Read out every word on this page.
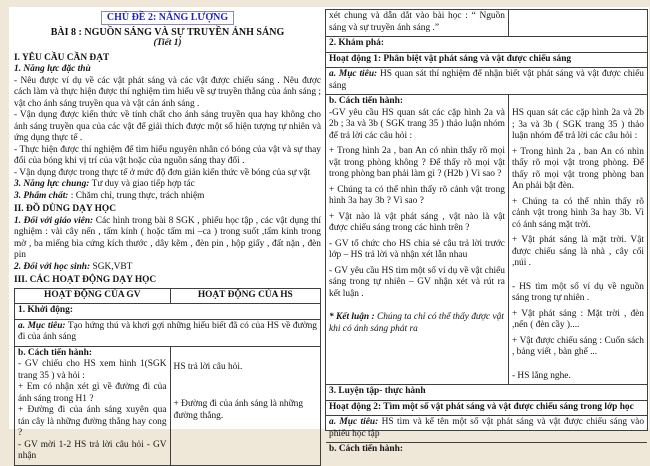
CHỦ ĐỀ 2: NĂNG LƯỢNG
BÀI 8 : NGUỒN SÁNG VÀ SỰ TRUYỀN ÁNH SÁNG
(Tiết 1)

I. YÊU CẦU CẦN ĐẠT

1. Năng lực đặc thù

- Nêu được ví dụ về các vật phát sáng và các vật được chiếu sáng . Nêu được cách làm và thực hiện được thí nghiệm tìm hiểu về sự truyền thẳng của ánh sáng ; vật cho ánh sáng truyền qua và vật cản ánh sáng .

- Vận dụng được kiến thức về tính chất cho ánh sáng truyền qua hay không cho ánh sáng truyền qua của các vật để giải thích được một số hiện tượng tự nhiên và ứng dụng thực tế .

- Thực hiện được thí nghiệm để tìm hiểu nguyên nhân có bóng của vật và sự thay đổi của bóng khi vị trí của vật hoặc của nguồn sáng thay đổi .

- Vận dụng được trong thực tế ở mức độ đơn giản kiến thức về bóng của sự vật

3. Năng lực chung: Tư duy và giao tiếp hợp tác

3. Phẩm chất: : Chăm chỉ, trung thực, trách nhiệm

II. ĐỒ DÙNG DẠY HỌC

1. Đối với giáo viên: Các hình trong bài 8 SGK , phiếu học tập , các vật dụng thí nghiệm : vài cây nến , tấm kính ( hoặc tấm mi –ca ) trong suốt ,tấm kính trong mờ , ba miếng bìa cứng kích thước , dây kẽm , đèn pin , hộp giấy , đất nặn , đèn pin

2. Đối với học sinh: SGK,VBT

III. CÁC HOẠT ĐỘNG DẠY HỌC

HOẠT ĐỘNG CỦA GV	HOẠT ĐỘNG CỦA HS
1. Khởi động:
a. Mục tiêu: Tạo hứng thú và khơi gợi những hiểu biết đã có của HS về đường đi của ánh sáng

b. Cách tiến hành:

- GV chiếu cho HS xem hình 1(SGK trang 35 ) và hỏi :

+ Em có nhận xét gì về đường đi của ánh sáng trong H1 ?

+ Đường đi của ánh sáng xuyên qua tán cây là những đường thẳng hay cong ?

- GV mời 1-2 HS trả lời câu hỏi - GV nhận

HS trả lời câu hỏi.

+ Đường đi của ánh sáng là những đường thẳng.

xét chung và dẫn dắt vào bài học : “ Nguồn sáng và sự truyền ánh sáng .”

2. Khám phá:
Hoạt động 1: Phân biệt vật phát sáng và vật được chiếu sáng
a. Mục tiêu: HS quan sát thí nghiệm để nhận biết vật phát sáng và vật được chiếu sáng

b. Cách tiến hành:

-GV yêu cầu HS quan sát các cặp hình 2a và 2b ; 3a và 3b ( SGK trang 35 ) thảo luận nhóm để trả lời các câu hỏi :

+ Trong hình 2a , ban An có nhìn thấy rõ mọi vật trong phòng không ? Để thấy rõ mọi vật trong phòng ban phải làm gì ? (H2b ) Vì sao ?

+ Chúng ta có thể nhìn thấy rõ cảnh vật trong hình 3a hay 3b ? Vì sao ?

+ Vật nào là vật phát sáng , vật nào là vật được chiếu sáng trong các hình trên ?

- GV tổ chức cho HS chia sẻ câu trả lời trước lớp – HS trả lời và nhận xét lẫn nhau

- GV yêu cầu HS tìm một số ví dụ về vật chiếu sáng trong tự nhiên – GV nhận xét và rút ra kết luận .

* Kết luận : Chúng ta chỉ có thể thấy được vật khi có ánh sáng phát ra

HS quan sát các cặp hình 2a và 2b ; 3a và 3b ( SGK trang 35 ) thảo luận nhóm để trả lời các câu hỏi :

+ Trong hình 2a , ban An có nhìn thấy rõ mọi vật trong phòng. Để thấy rõ mọi vật trong phòng ban An phải bật đèn.

+ Chúng ta có thể nhìn thấy rõ cảnh vật trong hình 3a hay 3b. Vì có ánh sáng mặt trời.

+ Vật phát sáng là mặt trời. Vật được chiếu sáng là nhà , cây cối ,núi .

- HS tìm một số ví dụ về nguồn sáng trong tự nhiên .

+ Vật phát sáng : Mặt trời , đèn ,nến ( đèn cầy )....

+ Vật được chiếu sáng : Cuốn sách , bảng viết , bàn ghế ...

- HS lắng nghe.

3. Luyện tập- thực hành
Hoạt động 2: Tìm một số vật phát sáng và vật được chiếu sáng trong lớp học
a. Mục tiêu: HS tìm và kể tên một số vật phát sáng và vật được chiếu sáng vào phiếu học tập
b. Cách tiến hành:
